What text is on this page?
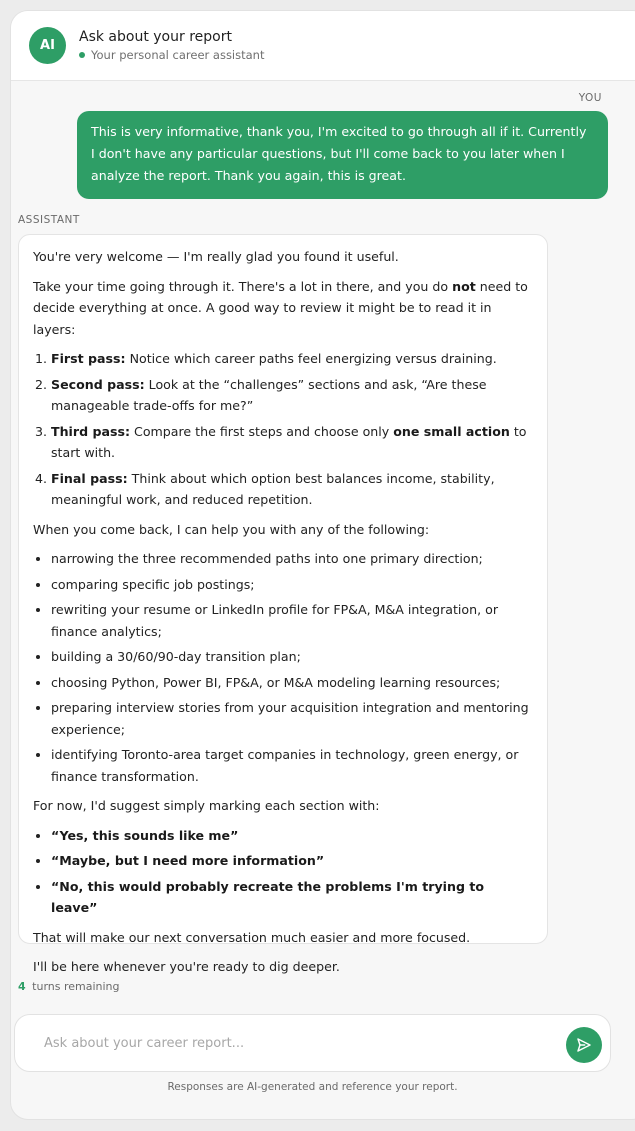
AI
Ask about your report
Your personal career assistant
YOU
This is very informative, thank you, I'm excited to go through all if it. Currently I don't have any particular questions, but I'll come back to you later when I analyze the report. Thank you again, this is great.
ASSISTANT

You're very welcome — I'm really glad you found it useful.

Take your time going through it. There's a lot in there, and you do not need to decide everything at once. A good way to review it might be to read it in layers:

1. First pass: Notice which career paths feel energizing versus draining.
2. Second pass: Look at the “challenges” sections and ask, “Are these manageable trade-offs for me?”
3. Third pass: Compare the first steps and choose only one small action to start with.
4. Final pass: Think about which option best balances income, stability, meaningful work, and reduced repetition.

When you come back, I can help you with any of the following:

• narrowing the three recommended paths into one primary direction;
• comparing specific job postings;
• rewriting your resume or LinkedIn profile for FP&A, M&A integration, or finance analytics;
• building a 30/60/90-day transition plan;
• choosing Python, Power BI, FP&A, or M&A modeling learning resources;
• preparing interview stories from your acquisition integration and mentoring experience;
• identifying Toronto-area target companies in technology, green energy, or finance transformation.

For now, I'd suggest simply marking each section with:

• “Yes, this sounds like me”
• “Maybe, but I need more information”
• “No, this would probably recreate the problems I'm trying to leave”

That will make our next conversation much easier and more focused.

I'll be here whenever you're ready to dig deeper.

4 turns remaining
Ask about your career report...
Responses are AI-generated and reference your report.
